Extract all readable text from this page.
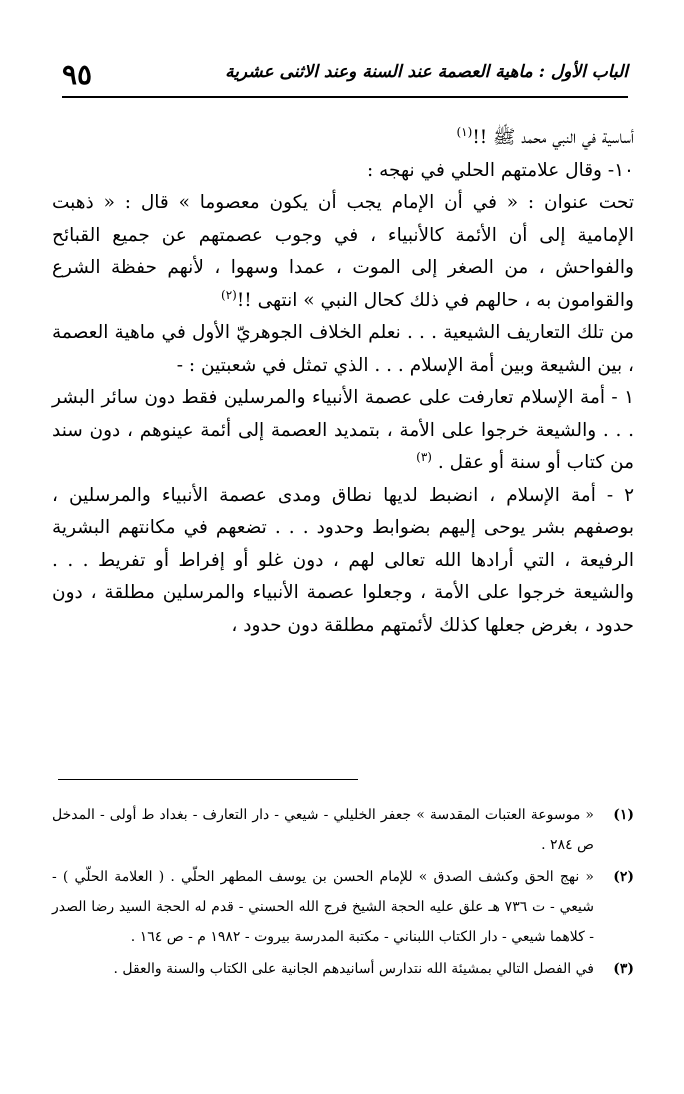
الباب الأول : ماهية العصمة عند السنة وعند الاثنى عشرية
٩٥

أساسية في النبي محمد ﷺ !!$^{(١)}$

١٠- وقال علامتهم الحلي في نهجه :

تحت عنوان : « في أن الإمام يجب أن يكون معصوما » قال : « ذهبت الإمامية إلى أن الأئمة كالأنبياء ، في وجوب عصمتهم عن جميع القبائح والفواحش ، من الصغر إلى الموت ، عمدا وسهوا ، لأنهم حفظة الشرع والقوامون به ، حالهم في ذلك كحال النبي » انتهى !!$^{(٢)}$

من تلك التعاريف الشيعية . . . نعلم الخلاف الجوهريّ الأول في ماهية العصمة ، بين الشيعة وبين أمة الإسلام . . . الذي تمثل في شعبتين : -

١ - أمة الإسلام تعارفت على عصمة الأنبياء والمرسلين فقط دون سائر البشر . . . والشيعة خرجوا على الأمة ، بتمديد العصمة إلى أئمة عينوهم ، دون سند من كتاب أو سنة أو عقل . $^{(٣)}$

٢ - أمة الإسلام ، انضبط لديها نطاق ومدى عصمة الأنبياء والمرسلين ، بوصفهم بشر يوحى إليهم بضوابط وحدود . . . تضعهم في مكانتهم البشرية الرفيعة ، التي أرادها الله تعالى لهم ، دون غلو أو إفراط أو تفريط . . . والشيعة خرجوا على الأمة ، وجعلوا عصمة الأنبياء والمرسلين مطلقة ، دون حدود ، بغرض جعلها كذلك لأئمتهم مطلقة دون حدود ،

(١)
« موسوعة العتبات المقدسة » جعفر الخليلي - شيعي - دار التعارف - بغداد ط أولى - المدخل ص ٢٨٤ .
(٢)
« نهج الحق وكشف الصدق » للإمام الحسن بن يوسف المطهر الحلّي . ( العلامة الحلّي ) - شيعي - ت ٧٣٦ هـ علق عليه الحجة الشيخ فرج الله الحسني - قدم له الحجة السيد رضا الصدر - كلاهما شيعي - دار الكتاب اللبناني - مكتبة المدرسة بيروت - ١٩٨٢ م - ص ١٦٤ .
(٣)
في الفصل التالي بمشيئة الله نتدارس أسانيدهم الجانية على الكتاب والسنة والعقل .
